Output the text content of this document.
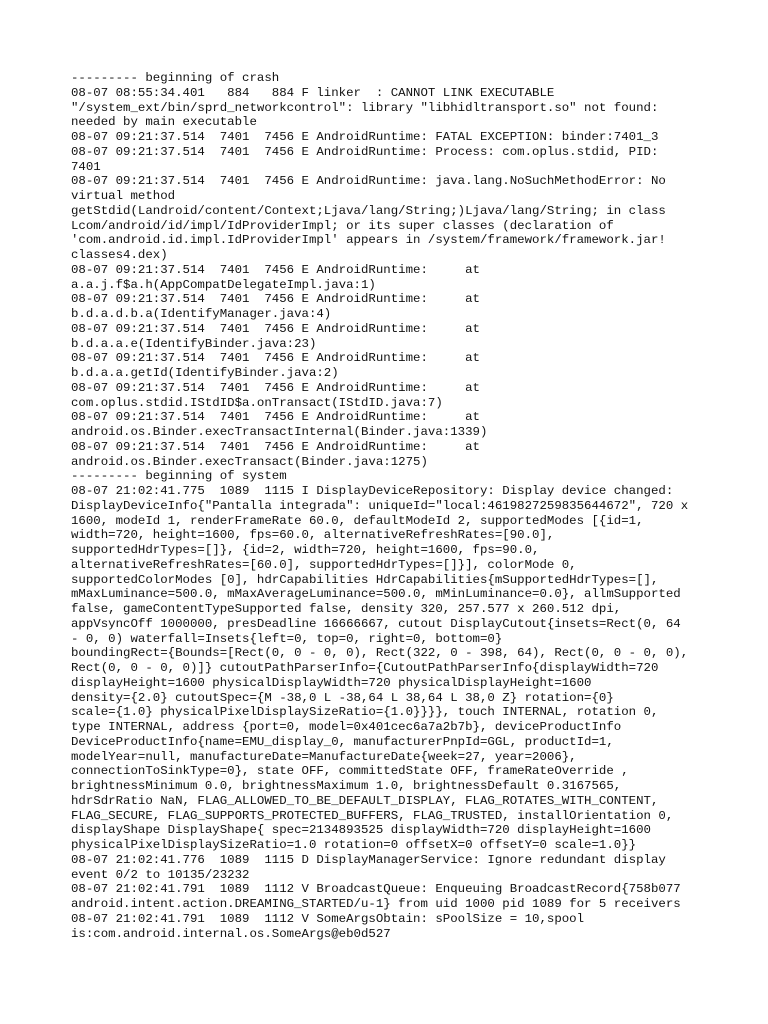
--------- beginning of crash
08-07 08:55:34.401   884   884 F linker  : CANNOT LINK EXECUTABLE
"/system_ext/bin/sprd_networkcontrol": library "libhidltransport.so" not found:
needed by main executable
08-07 09:21:37.514  7401  7456 E AndroidRuntime: FATAL EXCEPTION: binder:7401_3
08-07 09:21:37.514  7401  7456 E AndroidRuntime: Process: com.oplus.stdid, PID:
7401
08-07 09:21:37.514  7401  7456 E AndroidRuntime: java.lang.NoSuchMethodError: No
virtual method
getStdid(Landroid/content/Context;Ljava/lang/String;)Ljava/lang/String; in class
Lcom/android/id/impl/IdProviderImpl; or its super classes (declaration of
'com.android.id.impl.IdProviderImpl' appears in /system/framework/framework.jar!
classes4.dex)
08-07 09:21:37.514  7401  7456 E AndroidRuntime:     at
a.a.j.f$a.h(AppCompatDelegateImpl.java:1)
08-07 09:21:37.514  7401  7456 E AndroidRuntime:     at
b.d.a.d.b.a(IdentifyManager.java:4)
08-07 09:21:37.514  7401  7456 E AndroidRuntime:     at
b.d.a.a.e(IdentifyBinder.java:23)
08-07 09:21:37.514  7401  7456 E AndroidRuntime:     at
b.d.a.a.getId(IdentifyBinder.java:2)
08-07 09:21:37.514  7401  7456 E AndroidRuntime:     at
com.oplus.stdid.IStdID$a.onTransact(IStdID.java:7)
08-07 09:21:37.514  7401  7456 E AndroidRuntime:     at
android.os.Binder.execTransactInternal(Binder.java:1339)
08-07 09:21:37.514  7401  7456 E AndroidRuntime:     at
android.os.Binder.execTransact(Binder.java:1275)
--------- beginning of system
08-07 21:02:41.775  1089  1115 I DisplayDeviceRepository: Display device changed:
DisplayDeviceInfo{"Pantalla integrada": uniqueId="local:4619827259835644672", 720 x
1600, modeId 1, renderFrameRate 60.0, defaultModeId 2, supportedModes [{id=1,
width=720, height=1600, fps=60.0, alternativeRefreshRates=[90.0],
supportedHdrTypes=[]}, {id=2, width=720, height=1600, fps=90.0,
alternativeRefreshRates=[60.0], supportedHdrTypes=[]}], colorMode 0,
supportedColorModes [0], hdrCapabilities HdrCapabilities{mSupportedHdrTypes=[],
mMaxLuminance=500.0, mMaxAverageLuminance=500.0, mMinLuminance=0.0}, allmSupported
false, gameContentTypeSupported false, density 320, 257.577 x 260.512 dpi,
appVsyncOff 1000000, presDeadline 16666667, cutout DisplayCutout{insets=Rect(0, 64
- 0, 0) waterfall=Insets{left=0, top=0, right=0, bottom=0}
boundingRect={Bounds=[Rect(0, 0 - 0, 0), Rect(322, 0 - 398, 64), Rect(0, 0 - 0, 0),
Rect(0, 0 - 0, 0)]} cutoutPathParserInfo={CutoutPathParserInfo{displayWidth=720
displayHeight=1600 physicalDisplayWidth=720 physicalDisplayHeight=1600
density={2.0} cutoutSpec={M -38,0 L -38,64 L 38,64 L 38,0 Z} rotation={0}
scale={1.0} physicalPixelDisplaySizeRatio={1.0}}}}, touch INTERNAL, rotation 0,
type INTERNAL, address {port=0, model=0x401cec6a7a2b7b}, deviceProductInfo
DeviceProductInfo{name=EMU_display_0, manufacturerPnpId=GGL, productId=1,
modelYear=null, manufactureDate=ManufactureDate{week=27, year=2006},
connectionToSinkType=0}, state OFF, committedState OFF, frameRateOverride ,
brightnessMinimum 0.0, brightnessMaximum 1.0, brightnessDefault 0.3167565,
hdrSdrRatio NaN, FLAG_ALLOWED_TO_BE_DEFAULT_DISPLAY, FLAG_ROTATES_WITH_CONTENT,
FLAG_SECURE, FLAG_SUPPORTS_PROTECTED_BUFFERS, FLAG_TRUSTED, installOrientation 0,
displayShape DisplayShape{ spec=2134893525 displayWidth=720 displayHeight=1600
physicalPixelDisplaySizeRatio=1.0 rotation=0 offsetX=0 offsetY=0 scale=1.0}}
08-07 21:02:41.776  1089  1115 D DisplayManagerService: Ignore redundant display
event 0/2 to 10135/23232
08-07 21:02:41.791  1089  1112 V BroadcastQueue: Enqueuing BroadcastRecord{758b077
android.intent.action.DREAMING_STARTED/u-1} from uid 1000 pid 1089 for 5 receivers
08-07 21:02:41.791  1089  1112 V SomeArgsObtain: sPoolSize = 10,spool
is:com.android.internal.os.SomeArgs@eb0d527
